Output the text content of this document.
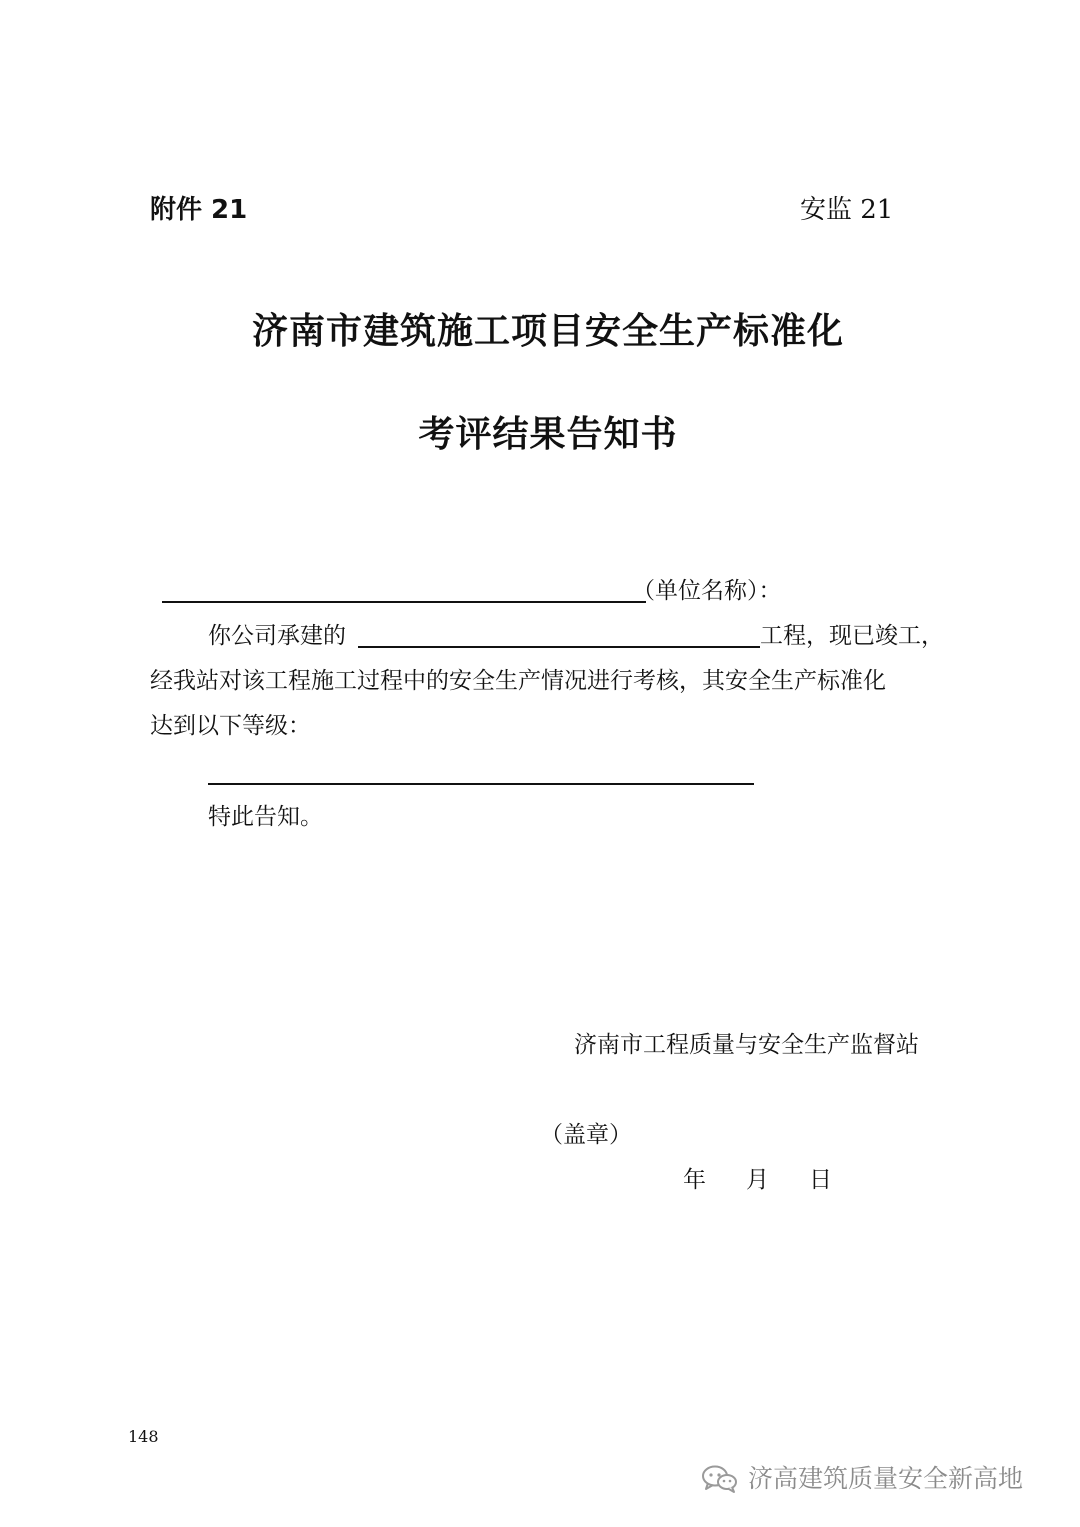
附件 21	安监 21
济南市建筑施工项目安全生产标准化
考评结果告知书
（单位名称）：
你公司承建的	工程，现已竣工，
经我站对该工程施工过程中的安全生产情况进行考核，其安全生产标准化
达到以下等级：
特此告知。
济南市工程质量与安全生产监督站
（盖章）
年 月 日
148
济高建筑质量安全新高地
